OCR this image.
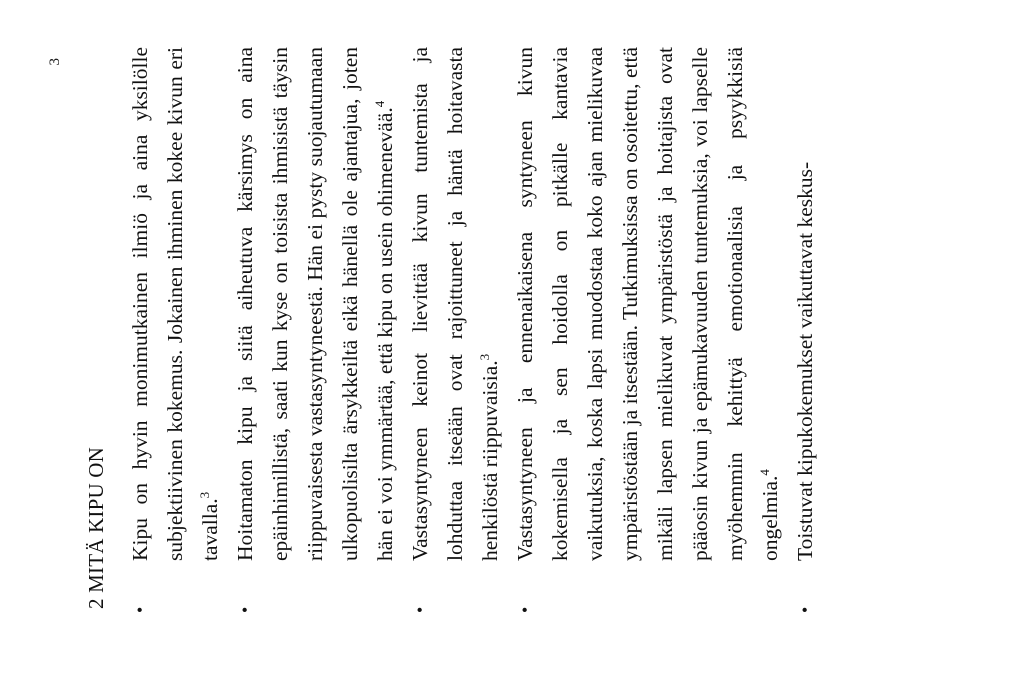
3
2 MITÄ KIPU ON
•
Kipu on hyvin monimutkainen ilmiö ja aina yksilölle subjektiivinen kokemus. Jokainen ihminen kokee kivun eri tavalla.$^3$
•
Hoitamaton kipu ja siitä aiheutuva kärsimys on aina epäinhimillistä, saati kun kyse on toisista ihmisistä täysin riippuvaisesta vastasyntyneestä. Hän ei pysty suojautumaan ulkopuolisilta ärsykkeiltä eikä hänellä ole ajantajua, joten hän ei voi ymmärtää, että kipu on usein ohimenevää.$^4$
•
Vastasyntyneen keinot lievittää kivun tuntemista ja lohduttaa itseään ovat rajoittuneet ja häntä hoitavasta henkilöstä riippuvaisia.$^3$
•
Vastasyntyneen ja ennenaikaisena syntyneen kivun kokemisella ja sen hoidolla on pitkälle kantavia vaikutuksia, koska lapsi muodostaa koko ajan mielikuvaa ympäristöstään ja itsestään. Tutkimuksissa on osoitettu, että mikäli lapsen mielikuvat ympäristöstä ja hoitajista ovat pääosin kivun ja epämukavuuden tuntemuksia, voi lapselle myöhemmin kehittyä emotionaalisia ja psyykkisiä ongelmia.$^4$
•
Toistuvat kipukokemukset vaikuttavat keskus-
